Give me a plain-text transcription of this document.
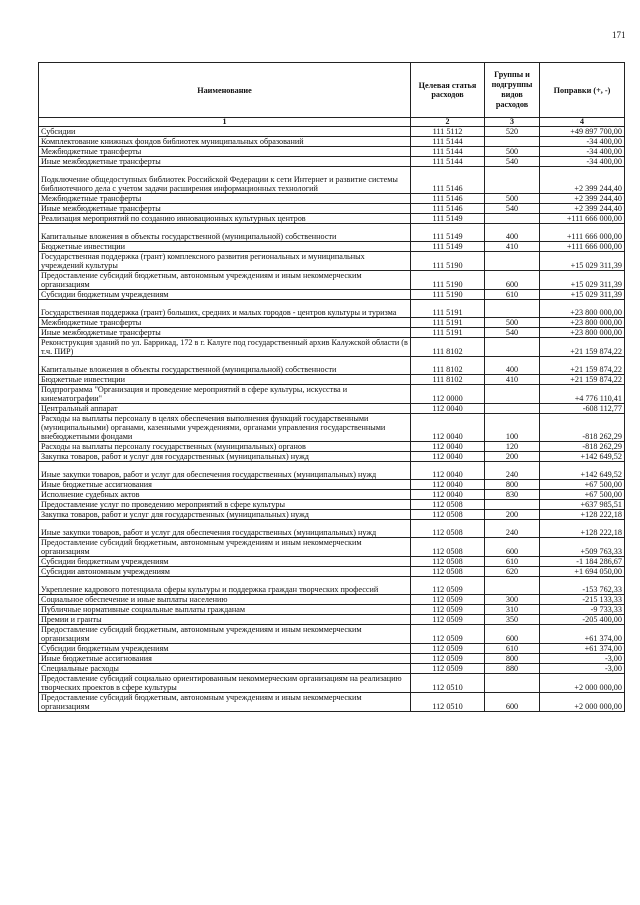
171
Наименование	Целевая статья расходов	Группы и подгруппы видов расходов	Поправки (+, -)
1	2	3	4
Субсидии	111 5112	520	+49 897 700,00
Комплектование книжных фондов библиотек муниципальных образований	111 5144		-34 400,00
Межбюджетные трансферты	111 5144	500	-34 400,00
Иные межбюджетные трансферты	111 5144	540	-34 400,00
Подключение общедоступных библиотек Российской Федерации к сети Интернет и развитие системы библиотечного дела с учетом задачи расширения информационных технологий	111 5146		+2 399 244,40
Межбюджетные трансферты	111 5146	500	+2 399 244,40
Иные межбюджетные трансферты	111 5146	540	+2 399 244,40
Реализация мероприятий по созданию инновационных культурных центров	111 5149		+111 666 000,00
Капитальные вложения в объекты государственной (муниципальной) собственности	111 5149	400	+111 666 000,00
Бюджетные инвестиции	111 5149	410	+111 666 000,00
Государственная поддержка (грант) комплексного развития региональных и муниципальных учреждений культуры	111 5190		+15 029 311,39
Предоставление субсидий бюджетным, автономным учреждениям и иным некоммерческим организациям	111 5190	600	+15 029 311,39
Субсидии бюджетным учреждениям	111 5190	610	+15 029 311,39
Государственная поддержка (грант) больших, средних и малых городов - центров культуры и туризма	111 5191		+23 800 000,00
Межбюджетные трансферты	111 5191	500	+23 800 000,00
Иные межбюджетные трансферты	111 5191	540	+23 800 000,00
Реконструкция зданий по ул. Баррикад, 172 в г. Калуге под государственный архив Калужской области (в т.ч. ПИР)	111 8102		+21 159 874,22
Капитальные вложения в объекты государственной (муниципальной) собственности	111 8102	400	+21 159 874,22
Бюджетные инвестиции	111 8102	410	+21 159 874,22
Подпрограмма "Организация и проведение мероприятий в сфере культуры, искусства и кинематографии"	112 0000		+4 776 110,41
Центральный аппарат	112 0040		-608 112,77
Расходы на выплаты персоналу в целях обеспечения выполнения функций государственными (муниципальными) органами, казенными учреждениями, органами управления государственными внебюджетными фондами	112 0040	100	-818 262,29
Расходы на выплаты персоналу государственных (муниципальных) органов	112 0040	120	-818 262,29
Закупка товаров, работ и услуг для государственных (муниципальных) нужд	112 0040	200	+142 649,52
Иные закупки товаров, работ и услуг для обеспечения государственных (муниципальных) нужд	112 0040	240	+142 649,52
Иные бюджетные ассигнования	112 0040	800	+67 500,00
Исполнение судебных актов	112 0040	830	+67 500,00
Предоставление услуг по проведению мероприятий в сфере культуры	112 0508		+637 985,51
Закупка товаров, работ и услуг для государственных (муниципальных) нужд	112 0508	200	+128 222,18
Иные закупки товаров, работ и услуг для обеспечения государственных (муниципальных) нужд	112 0508	240	+128 222,18
Предоставление субсидий бюджетным, автономным учреждениям и иным некоммерческим организациям	112 0508	600	+509 763,33
Субсидии бюджетным учреждениям	112 0508	610	-1 184 286,67
Субсидии автономным учреждениям	112 0508	620	+1 694 050,00
Укрепление кадрового потенциала сферы культуры и поддержка граждан творческих профессий	112 0509		-153 762,33
Социальное обеспечение и иные выплаты населению	112 0509	300	-215 133,33
Публичные нормативные социальные выплаты гражданам	112 0509	310	-9 733,33
Премии и гранты	112 0509	350	-205 400,00
Предоставление субсидий бюджетным, автономным учреждениям и иным некоммерческим организациям	112 0509	600	+61 374,00
Субсидии бюджетным учреждениям	112 0509	610	+61 374,00
Иные бюджетные ассигнования	112 0509	800	-3,00
Специальные расходы	112 0509	880	-3,00
Предоставление субсидий социально ориентированным некоммерческим организациям на реализацию творческих проектов в сфере культуры	112 0510		+2 000 000,00
Предоставление субсидий бюджетным, автономным учреждениям и иным некоммерческим организациям	112 0510	600	+2 000 000,00
